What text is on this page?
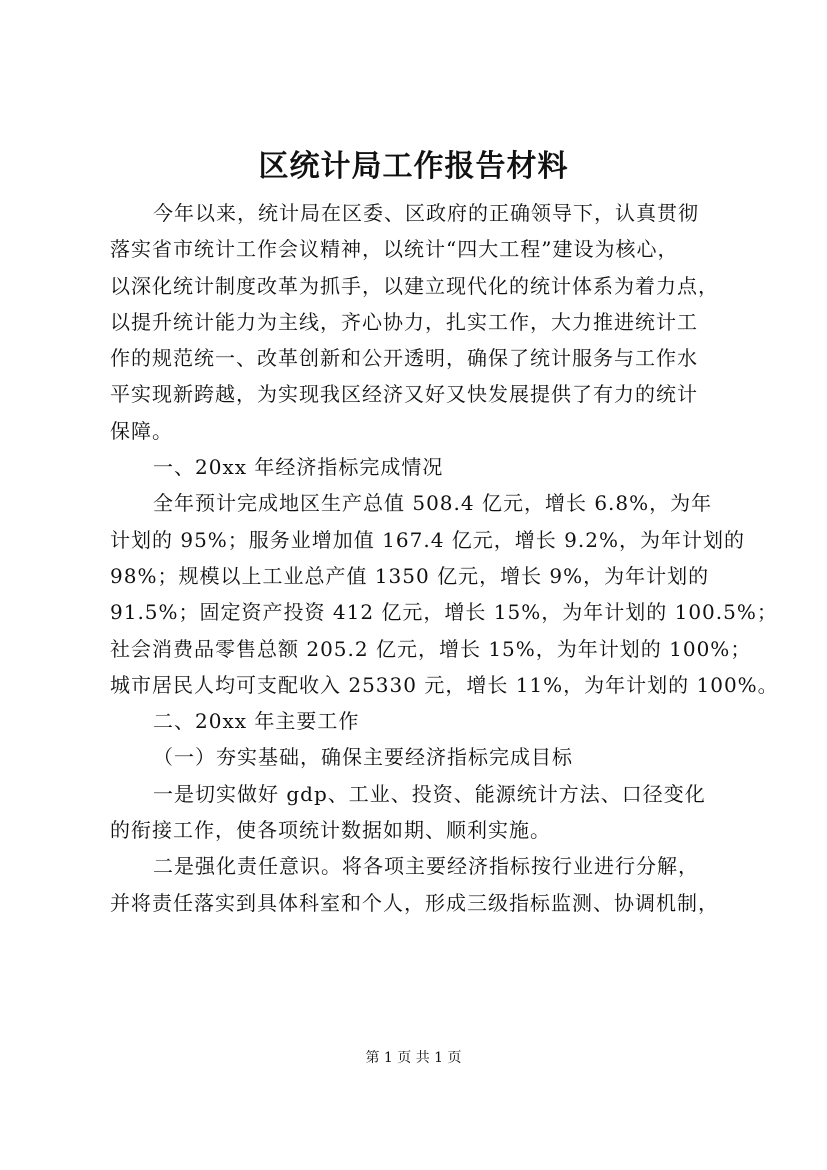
区统计局工作报告材料
今年以来，统计局在区委、区政府的正确领导下，认真贯彻
落实省市统计工作会议精神，以统计“四大工程”建设为核心，
以深化统计制度改革为抓手，以建立现代化的统计体系为着力点，
以提升统计能力为主线，齐心协力，扎实工作，大力推进统计工
作的规范统一、改革创新和公开透明，确保了统计服务与工作水
平实现新跨越，为实现我区经济又好又快发展提供了有力的统计
保障。
一、20xx 年经济指标完成情况
全年预计完成地区生产总值 508.4 亿元，增长 6.8%，为年
计划的 95%；服务业增加值 167.4 亿元，增长 9.2%，为年计划的
98%；规模以上工业总产值 1350 亿元，增长 9%，为年计划的
91.5%；固定资产投资 412 亿元，增长 15%，为年计划的 100.5%；
社会消费品零售总额 205.2 亿元，增长 15%，为年计划的 100%；
城市居民人均可支配收入 25330 元，增长 11%，为年计划的 100%。
二、20xx 年主要工作
（一）夯实基础，确保主要经济指标完成目标
一是切实做好 gdp、工业、投资、能源统计方法、口径变化
的衔接工作，使各项统计数据如期、顺利实施。
二是强化责任意识。将各项主要经济指标按行业进行分解，
并将责任落实到具体科室和个人，形成三级指标监测、协调机制，
第 1 页 共 1 页
